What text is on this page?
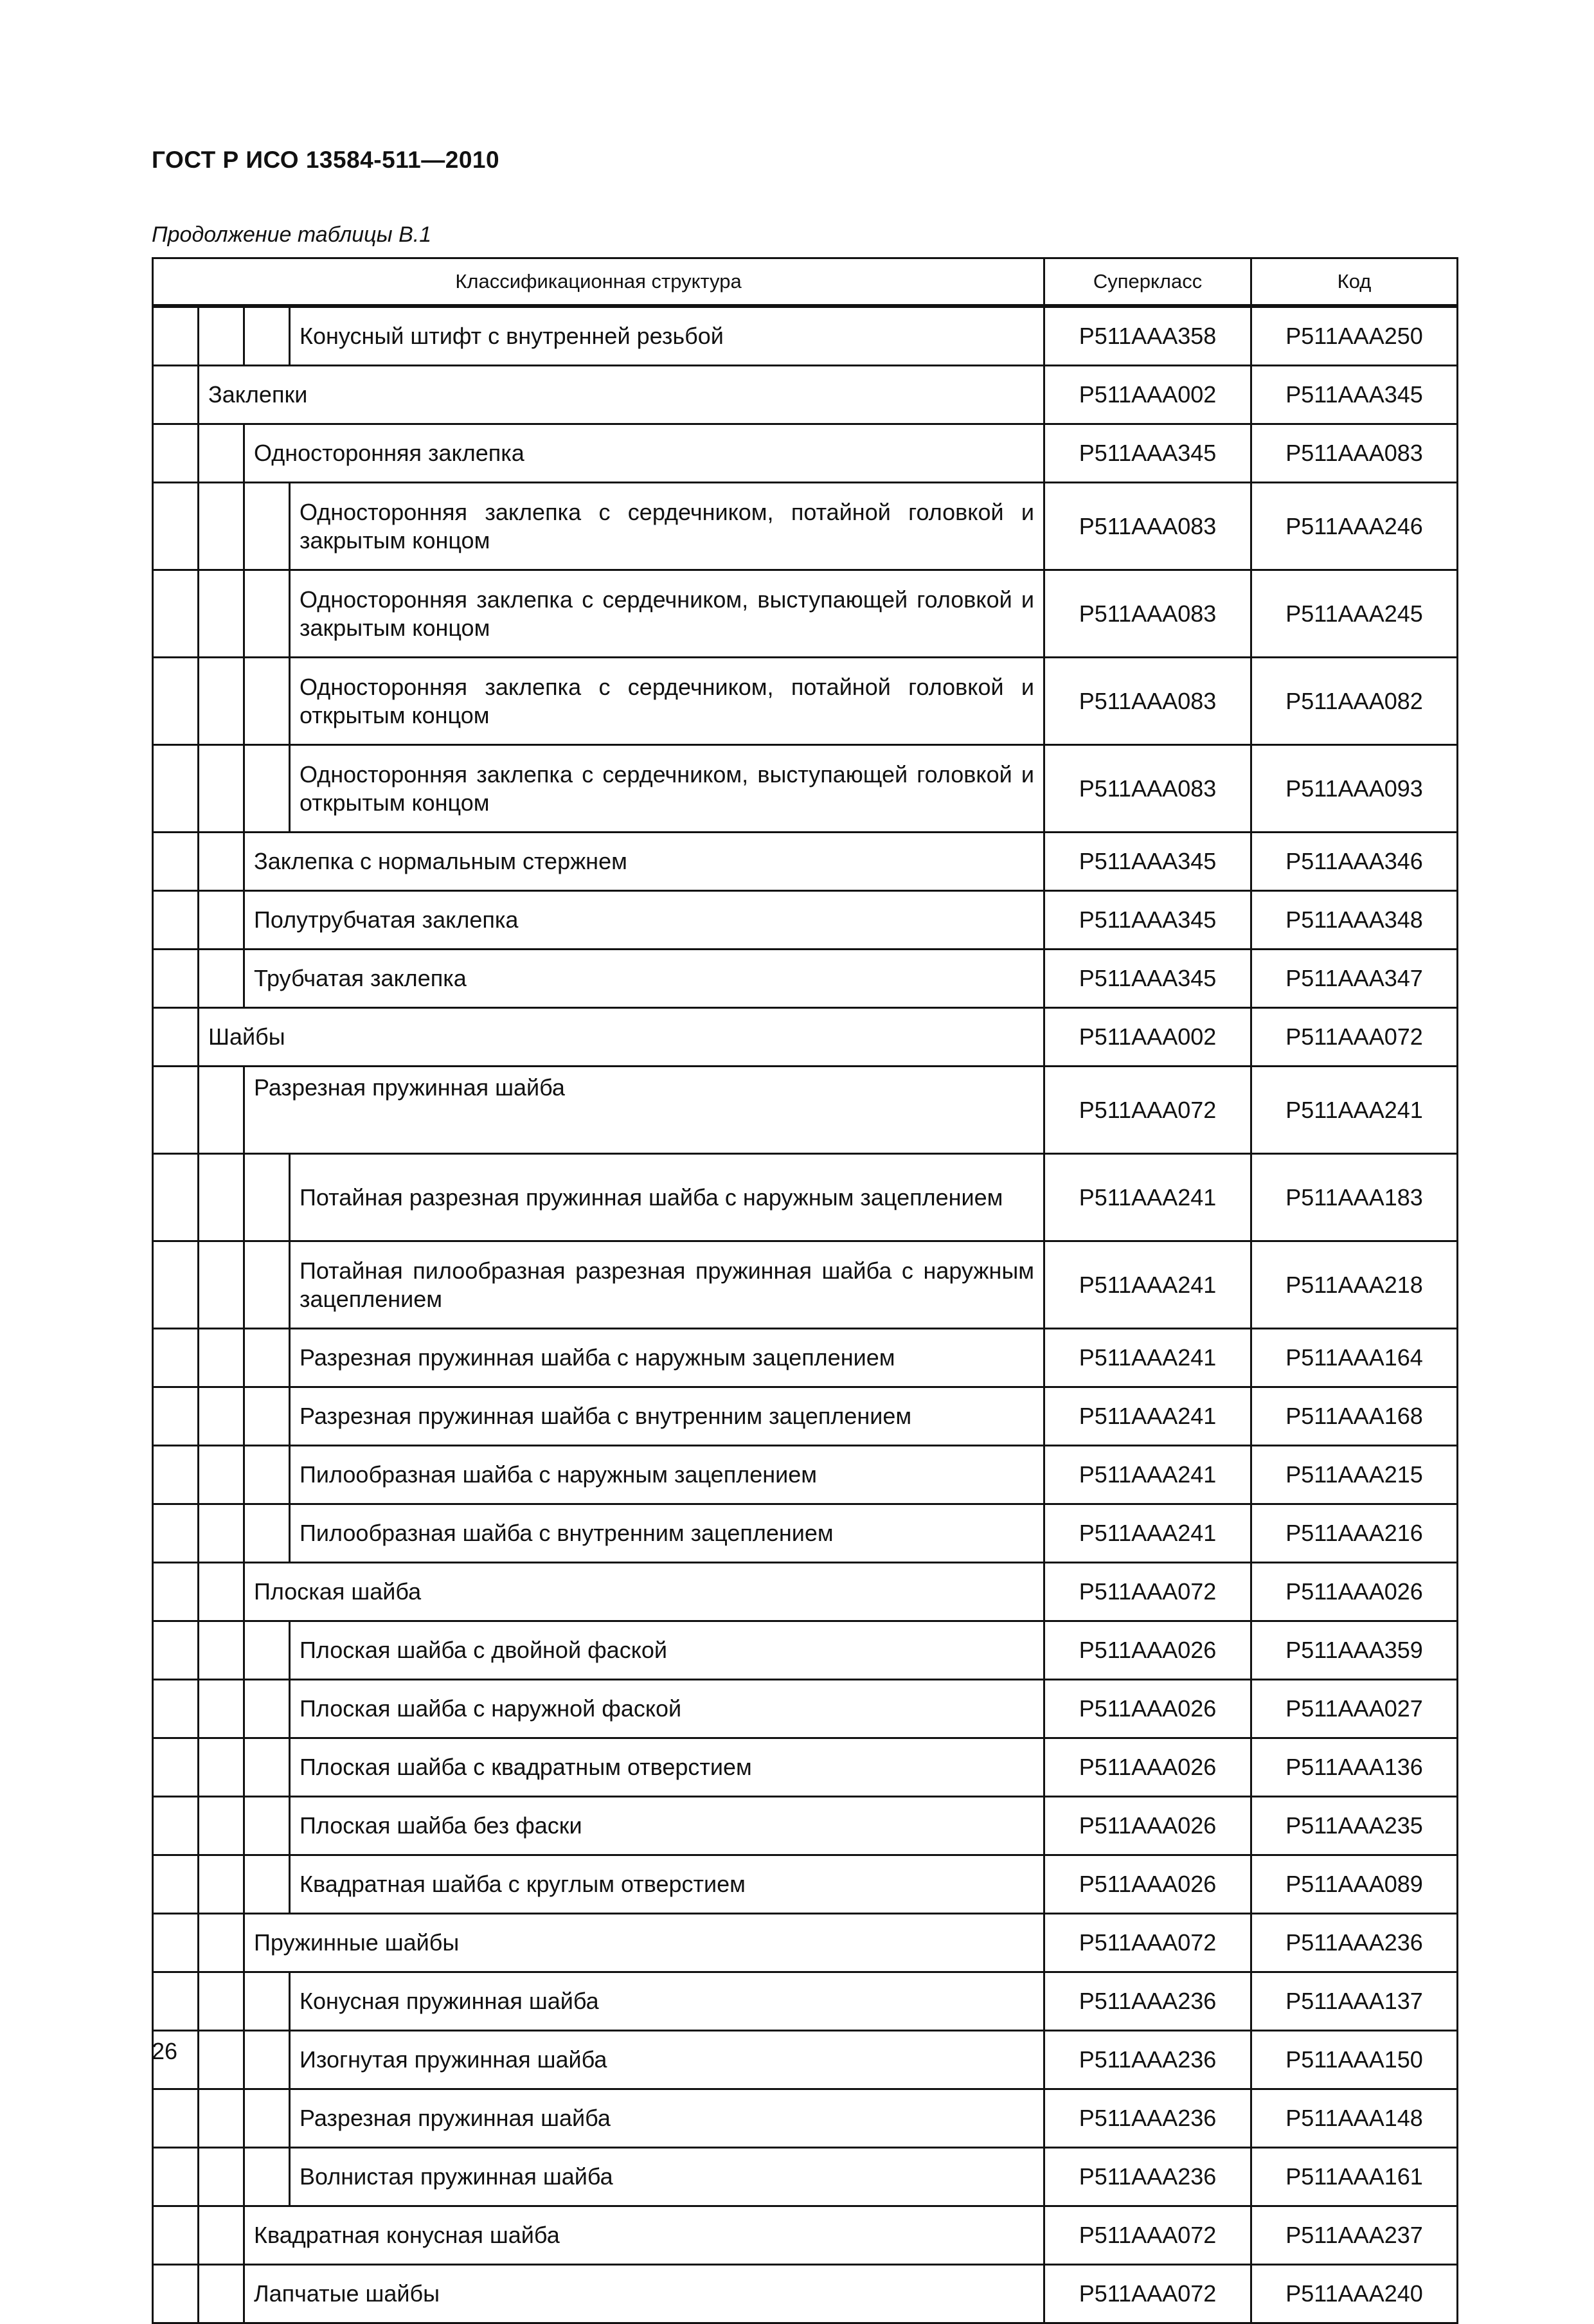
ГОСТ Р ИСО 13584-511—2010
Продолжение таблицы В.1
Классификационная структура					Суперкласс	Код

			Конусный штифт с внутренней резьбой		P511AAA358	P511AAA250
	Заклепки				P511AAA002	P511AAA345
		Односторонняя заклепка			P511AAA345	P511AAA083
			Односторонняя заклепка с сердечником, потайной головкой и закрытым концом		P511AAA083	P511AAA246
			Односторонняя заклепка с сердечником, выступающей головкой и закрытым концом		P511AAA083	P511AAA245
			Односторонняя заклепка с сердечником, потайной головкой и открытым концом		P511AAA083	P511AAA082
			Односторонняя заклепка с сердечником, выступающей головкой и открытым концом		P511AAA083	P511AAA093
		Заклепка с нормальным стержнем			P511AAA345	P511AAA346
		Полутрубчатая заклепка			P511AAA345	P511AAA348
		Трубчатая заклепка			P511AAA345	P511AAA347
	Шайбы				P511AAA002	P511AAA072
		Разрезная пружинная шайба			P511AAA072	P511AAA241
			Потайная разрезная пружинная шайба с наружным зацеплением		P511AAA241	P511AAA183
			Потайная пилообразная разрезная пружинная шайба с наружным зацеплением		P511AAA241	P511AAA218
			Разрезная пружинная шайба с наружным зацеплением		P511AAA241	P511AAA164
			Разрезная пружинная шайба с внутренним зацеплением		P511AAA241	P511AAA168
			Пилообразная шайба с наружным зацеплением		P511AAA241	P511AAA215
			Пилообразная шайба с внутренним зацеплением		P511AAA241	P511AAA216
		Плоская шайба			P511AAA072	P511AAA026
			Плоская шайба с двойной фаской		P511AAA026	P511AAA359
			Плоская шайба с наружной фаской		P511AAA026	P511AAA027
			Плоская шайба с квадратным отверстием		P511AAA026	P511AAA136
			Плоская шайба без фаски		P511AAA026	P511AAA235
			Квадратная шайба с круглым отверстием		P511AAA026	P511AAA089
		Пружинные шайбы			P511AAA072	P511AAA236
			Конусная пружинная шайба		P511AAA236	P511AAA137
			Изогнутая пружинная шайба		P511AAA236	P511AAA150
			Разрезная пружинная шайба		P511AAA236	P511AAA148
			Волнистая пружинная шайба		P511AAA236	P511AAA161
		Квадратная конусная шайба			P511AAA072	P511AAA237
		Лапчатые шайбы			P511AAA072	P511AAA240
26
